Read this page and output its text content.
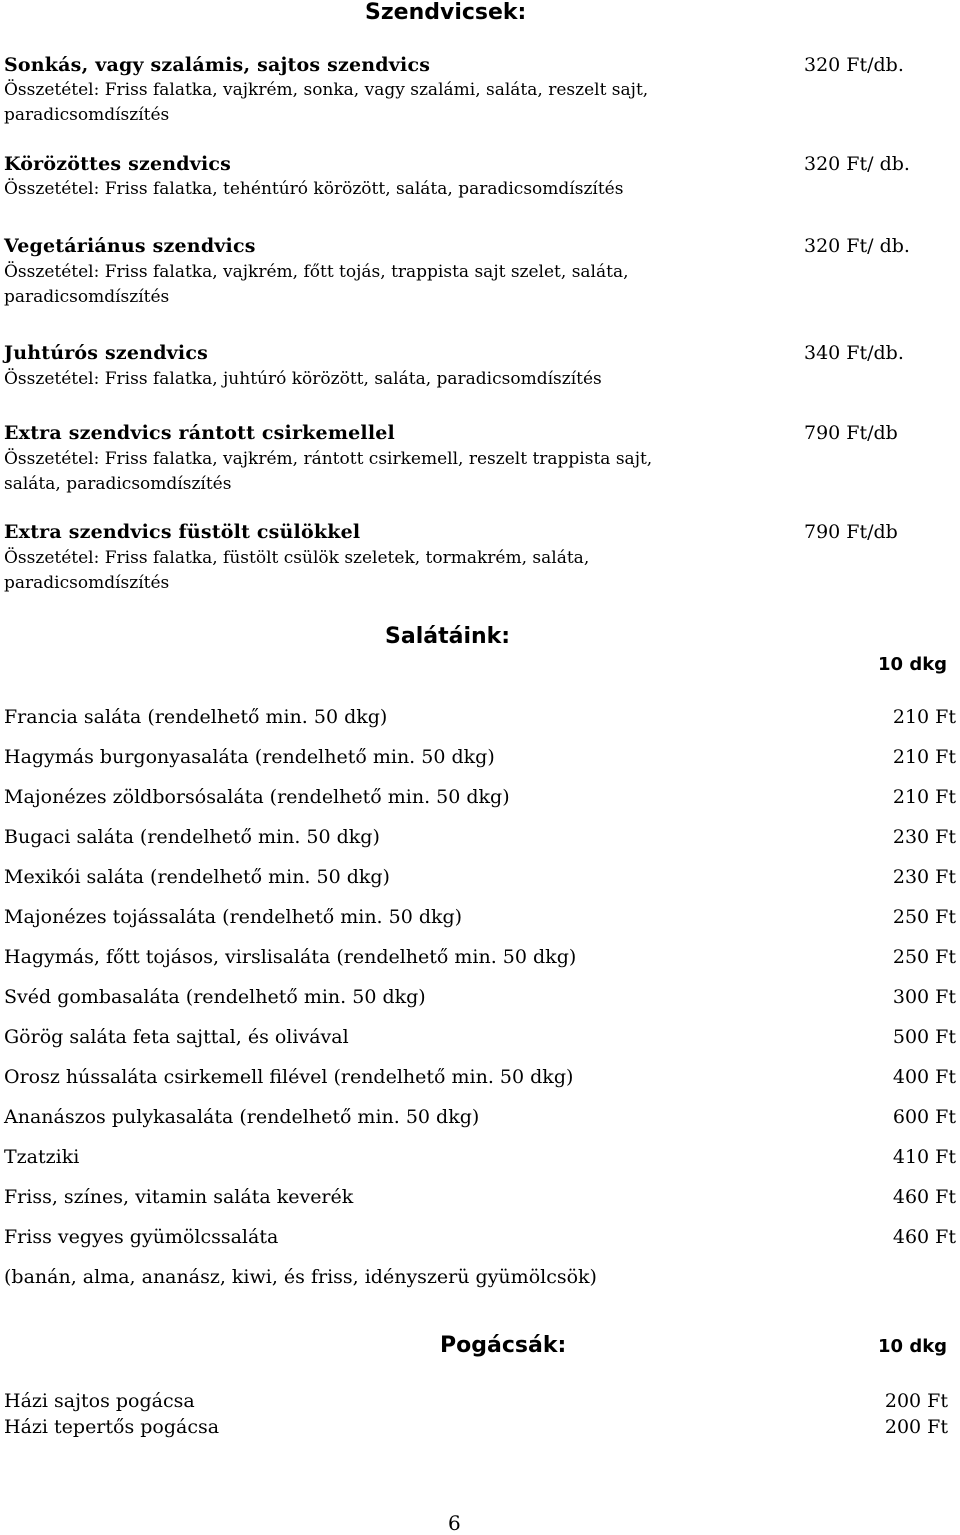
Szendvicsek:
Sonkás, vagy szalámis, sajtos szendvics
Összetétel: Friss falatka, vajkrém, sonka, vagy szalámi, saláta, reszelt sajt,
paradicsomdíszítés
320 Ft/db.
Körözöttes szendvics
Összetétel: Friss falatka, tehéntúró körözött, saláta, paradicsomdíszítés
320 Ft/ db.
Vegetáriánus szendvics
Összetétel: Friss falatka, vajkrém, főtt tojás, trappista sajt szelet, saláta,
paradicsomdíszítés
320 Ft/ db.
Juhtúrós szendvics
Összetétel: Friss falatka, juhtúró körözött, saláta, paradicsomdíszítés
340 Ft/db.
Extra szendvics rántott csirkemellel
Összetétel: Friss falatka, vajkrém, rántott csirkemell, reszelt trappista sajt,
saláta, paradicsomdíszítés
790 Ft/db
Extra szendvics füstölt csülökkel
Összetétel: Friss falatka, füstölt csülök szeletek, tormakrém, saláta,
paradicsomdíszítés
790 Ft/db
Salátáink:
10 dkg
Francia saláta (rendelhető min. 50 dkg)	210 Ft
Hagymás burgonyasaláta (rendelhető min. 50 dkg)	210 Ft
Majonézes zöldborsósaláta (rendelhető min. 50 dkg)	210 Ft
Bugaci saláta (rendelhető min. 50 dkg)	230 Ft
Mexikói saláta (rendelhető min. 50 dkg)	230 Ft
Majonézes tojássaláta (rendelhető min. 50 dkg)	250 Ft
Hagymás, főtt tojásos, virslisaláta (rendelhető min. 50 dkg)	250 Ft
Svéd gombasaláta (rendelhető min. 50 dkg)	300 Ft
Görög saláta feta sajttal, és olivával	500 Ft
Orosz hússaláta csirkemell filével (rendelhető min. 50 dkg)	400 Ft
Ananászos pulykasaláta (rendelhető min. 50 dkg)	600 Ft
Tzatziki	410 Ft
Friss, színes, vitamin saláta keverék	460 Ft
Friss vegyes gyümölcssaláta	460 Ft
(banán, alma, ananász, kiwi, és friss, idényszerü gyümölcsök)
Pogácsák:	10 dkg
Házi sajtos pogácsa	200 Ft
Házi tepertős pogácsa	200 Ft
6
